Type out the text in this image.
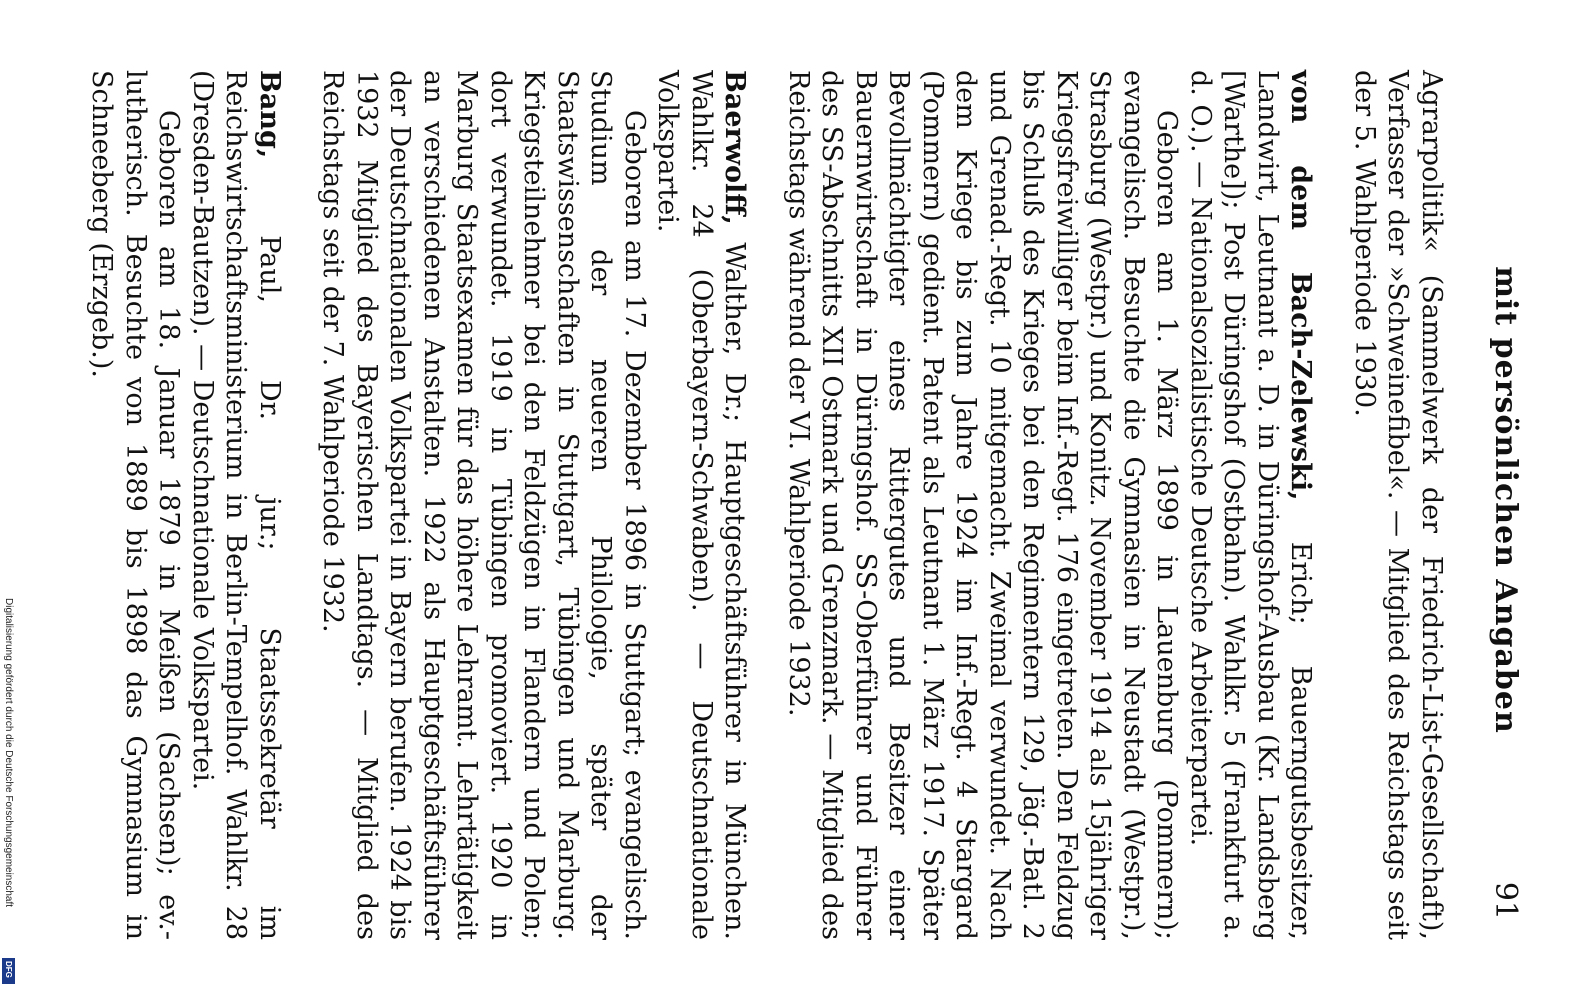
mit persönlichen Angaben
91

Agrarpolitik« (Sammelwerk der Friedrich-List-Gesellschaft), Verfasser der »Schweinefibel«. — Mitglied des Reichstags seit der 5. Wahlperiode 1930.

von dem Bach-Zelewski, Erich; Bauerngutsbesitzer, Landwirt, Leutnant a. D. in Düringshof-Ausbau (Kr. Landsberg [Warthe]); Post Düringshof (Ostbahn). Wahlkr. 5 (Frankfurt a. d. O.). — Nationalsozialistische Deutsche Arbeiterpartei.

Geboren am 1. März 1899 in Lauenburg (Pommern); evangelisch. Besuchte die Gymnasien in Neustadt (Westpr.), Strasburg (Westpr.) und Konitz. November 1914 als 15jähriger Kriegsfreiwilliger beim Inf.-Regt. 176 eingetreten. Den Feldzug bis Schluß des Krieges bei den Regimentern 129, Jäg.-Batl. 2 und Grenad.-Regt. 10 mitgemacht. Zweimal verwundet. Nach dem Kriege bis zum Jahre 1924 im Inf.-Regt. 4 Stargard (Pommern) gedient. Patent als Leutnant 1. März 1917. Später Bevollmächtigter eines Rittergutes und Besitzer einer Bauernwirtschaft in Düringshof. SS-Oberführer und Führer des SS-Abschnitts XII Ostmark und Grenzmark. — Mitglied des Reichstags während der VI. Wahlperiode 1932.

Baerwolff, Walther, Dr.; Hauptgeschäftsführer in München. Wahlkr. 24 (Oberbayern-Schwaben). — Deutschnationale Volkspartei.

Geboren am 17. Dezember 1896 in Stuttgart; evangelisch. Studium der neueren Philologie, später der Staatswissenschaften in Stuttgart, Tübingen und Marburg. Kriegsteilnehmer bei den Feldzügen in Flandern und Polen; dort verwundet. 1919 in Tübingen promoviert. 1920 in Marburg Staatsexamen für das höhere Lehramt. Lehrtätigkeit an verschiedenen Anstalten. 1922 als Hauptgeschäftsführer der Deutschnationalen Volkspartei in Bayern berufen. 1924 bis 1932 Mitglied des Bayerischen Landtags. — Mitglied des Reichstags seit der 7. Wahlperiode 1932.

Bang, Paul, Dr. jur.; Staatssekretär im Reichswirtschaftsministerium in Berlin-Tempelhof. Wahlkr. 28 (Dresden-Bautzen). — Deutschnationale Volkspartei.

Geboren am 18. Januar 1879 in Meißen (Sachsen); ev.-lutherisch. Besuchte von 1889 bis 1898 das Gymnasium in Schneeberg (Erzgeb.).

Digitalisierung gefördert durch die Deutsche Forschungsgemeinschaft
DFG
